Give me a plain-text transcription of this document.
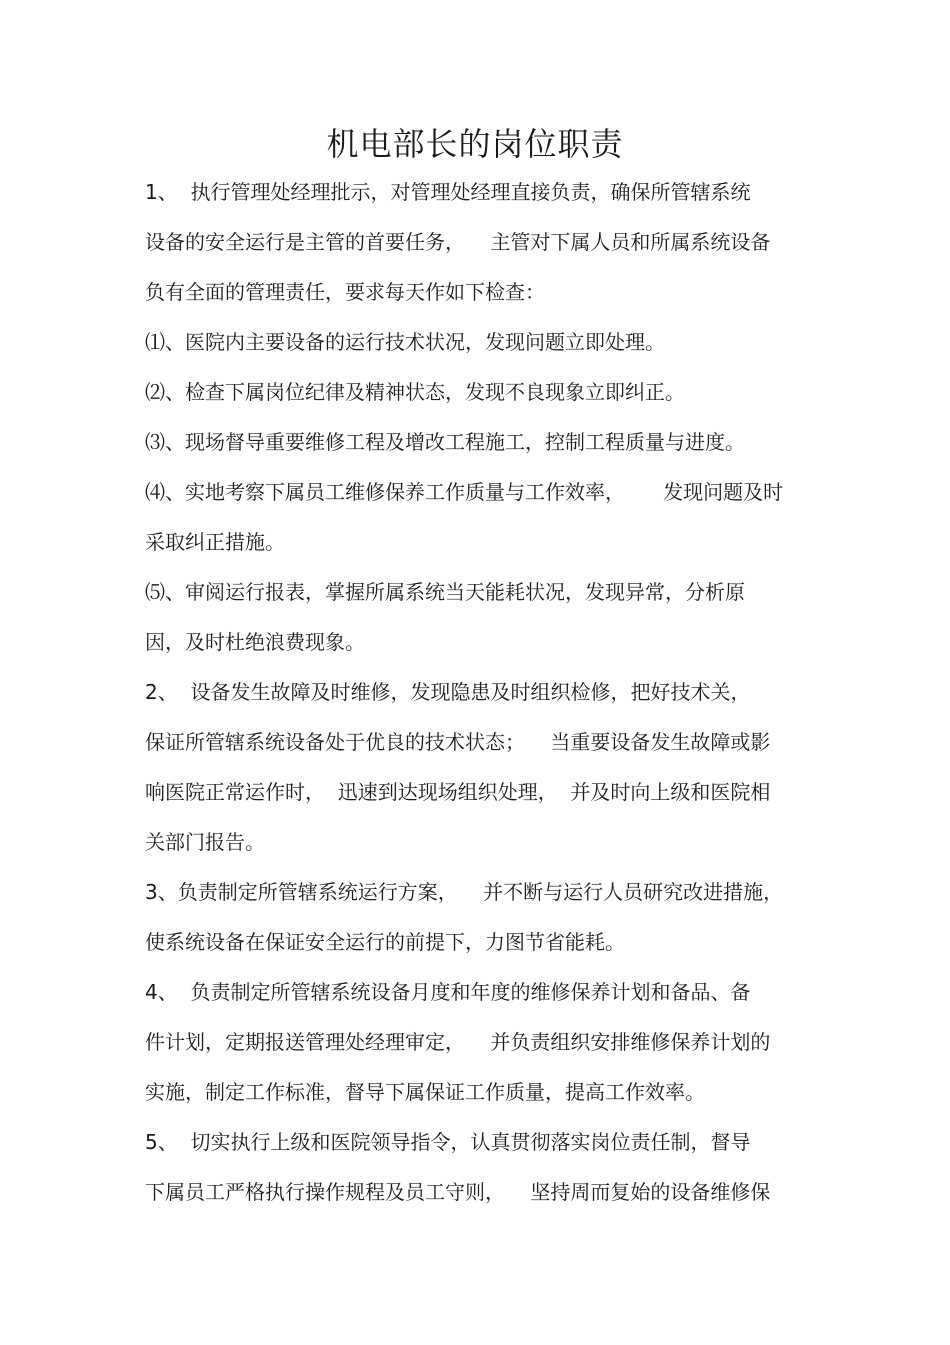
机电部长的岗位职责
1、  执行管理处经理批示，对管理处经理直接负责，确保所管辖系统
设备的安全运行是主管的首要任务，    主管对下属人员和所属系统设备
负有全面的管理责任，要求每天作如下检查：
⑴、医院内主要设备的运行技术状况，发现问题立即处理。
⑵、检查下属岗位纪律及精神状态，发现不良现象立即纠正。
⑶、现场督导重要维修工程及增改工程施工，控制工程质量与进度。
⑷、实地考察下属员工维修保养工作质量与工作效率，      发现问题及时
采取纠正措施。
⑸、审阅运行报表，掌握所属系统当天能耗状况，发现异常，分析原
因，及时杜绝浪费现象。
2、  设备发生故障及时维修，发现隐患及时组织检修，把好技术关，
保证所管辖系统设备处于优良的技术状态；    当重要设备发生故障或影
响医院正常运作时，  迅速到达现场组织处理，  并及时向上级和医院相
关部门报告。
3、负责制定所管辖系统运行方案，    并不断与运行人员研究改进措施，
使系统设备在保证安全运行的前提下，力图节省能耗。
4、  负责制定所管辖系统设备月度和年度的维修保养计划和备品、备
件计划，定期报送管理处经理审定，    并负责组织安排维修保养计划的
实施，制定工作标准，督导下属保证工作质量，提高工作效率。
5、  切实执行上级和医院领导指令，认真贯彻落实岗位责任制，督导
下属员工严格执行操作规程及员工守则，    坚持周而复始的设备维修保
